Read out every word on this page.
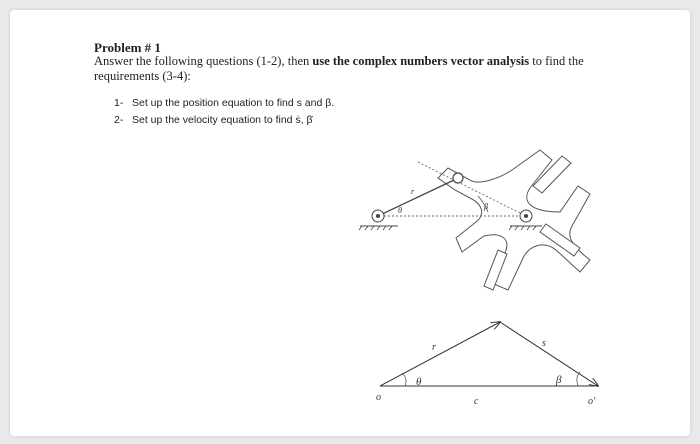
Problem # 1
Answer the following questions (1-2), then use the complex numbers vector analysis to find the requirements (3-4):
1- Set up the position equation to find s and β.
2- Set up the velocity equation to find ṡ, β̇
r
θ	β
r	s
θ	β
o	c	o′
